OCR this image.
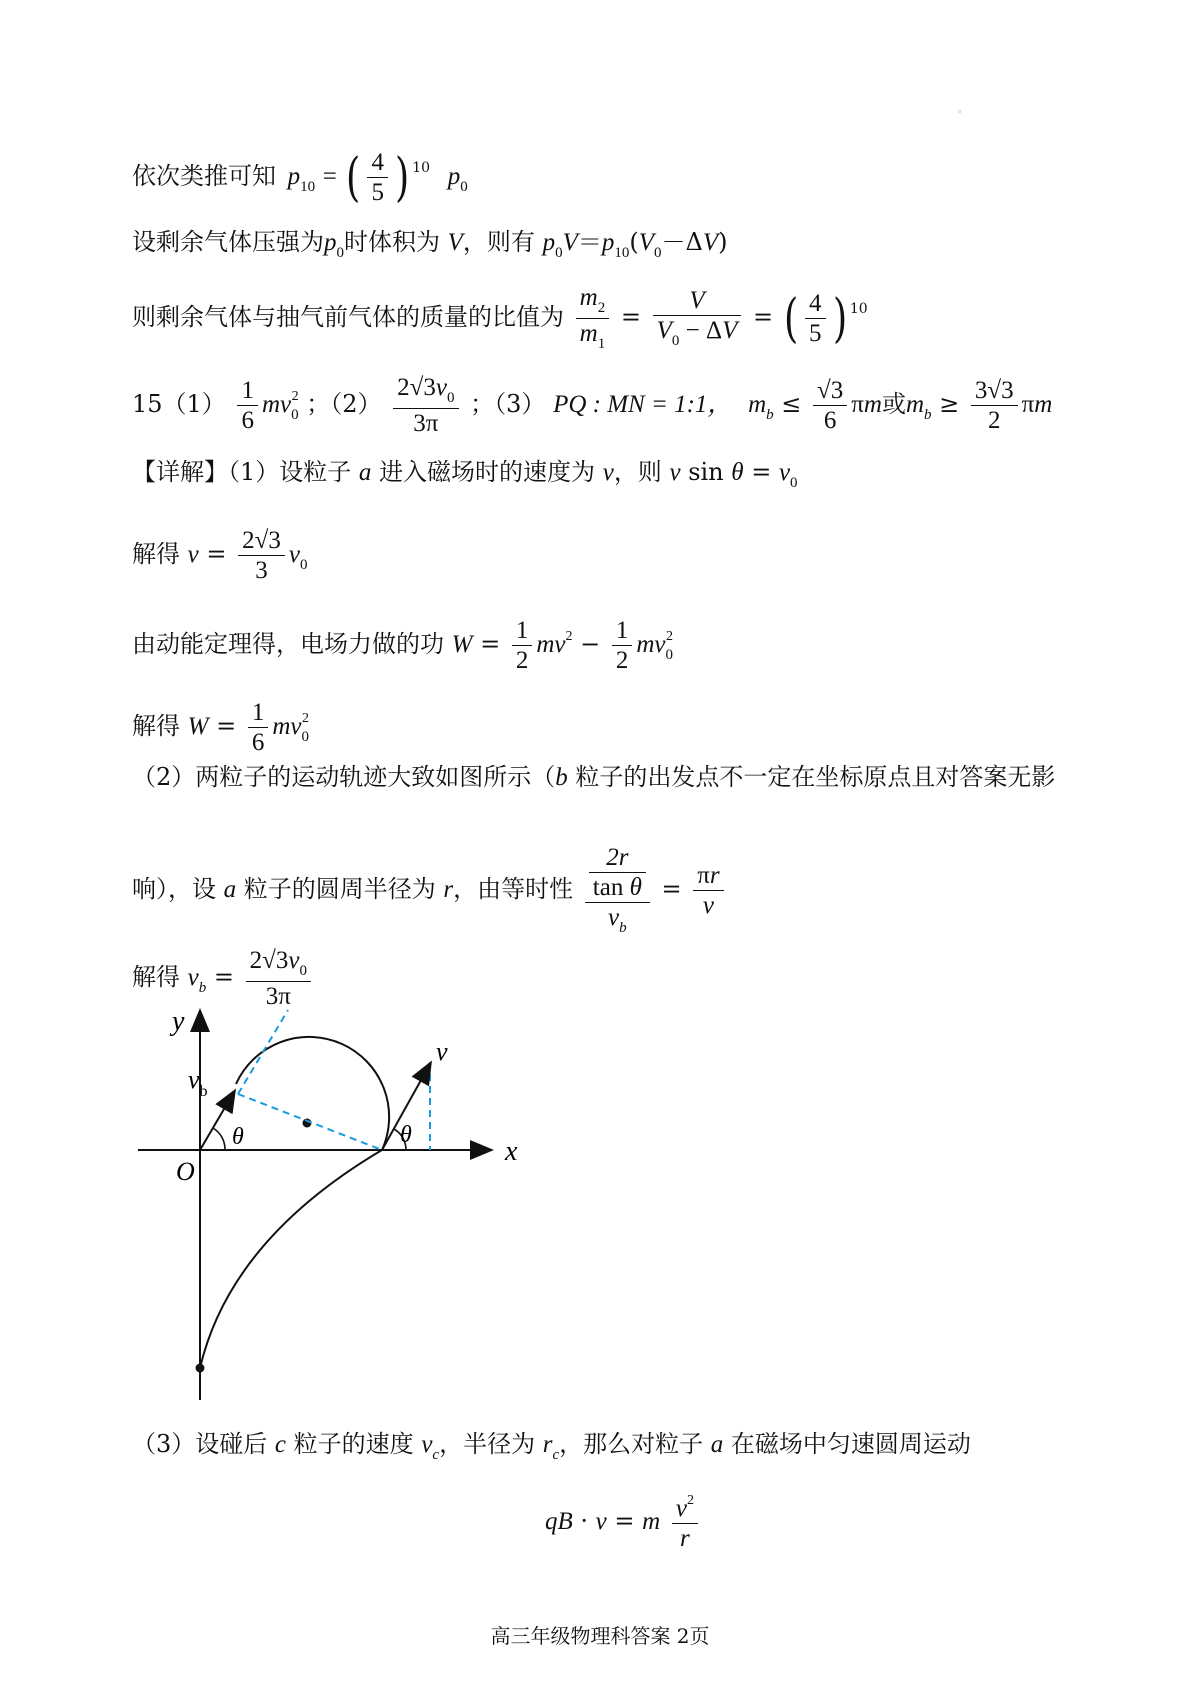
。
依次类推可知 $p_{10}$ = ( $\frac{4}{5}$ ) $^{10}$ $p_0$
设剩余气体压强为$p_0$时体积为 V，则有 $p_0V=p_{10}(V_0-\Delta V)$
则剩余气体与抽气前气体的质量的比值为 $\frac{m_2}{m_1} = \frac{V}{V_0 - \Delta V}$ = ( $\frac{4}{5}$ ) $^{10}$
$15(1) \frac{1}{6} mv_0^2$ ；$(2) \frac{2√3v_0}{3\pi}$ ；（3） PQ : MN = 1:1， $m_b \le \frac{√3}{6}$ πm或$m_b \ge \frac{3√3}{2}$ πm
【详解】（1）设粒子 a 进入磁场时的速度为 v，则 v $\sin \theta = v_0$
解得 $v = \frac{2√3}{3} v_0$
由动能定理得，电场力做的功 $W = \frac{1}{2} mv^2 - \frac{1}{2} mv_0^2$
解得 $W = \frac{1}{6} mv_0^2$
（2）两粒子的运动轨迹大致如图所示（b 粒子的出发点不一定在坐标原点且对答案无影
响），设 a 粒子的圆周半径为 r，由等时性 $\frac{\frac{2r}{\text{tan θ}}}{v_b} = \frac{\pi r}{v}$
解得 $v_b = \frac{2√3v_0}{3\pi}$
y
x
O
θ	θ
$v_b$
v
（3）设碰后 c 粒子的速度 $v_c$，半径为 $r_c$，那么对粒子 a 在磁场中匀速圆周运动
qB · v = m $\frac{v^2}{r}$
高三年级物理科答案 2页
